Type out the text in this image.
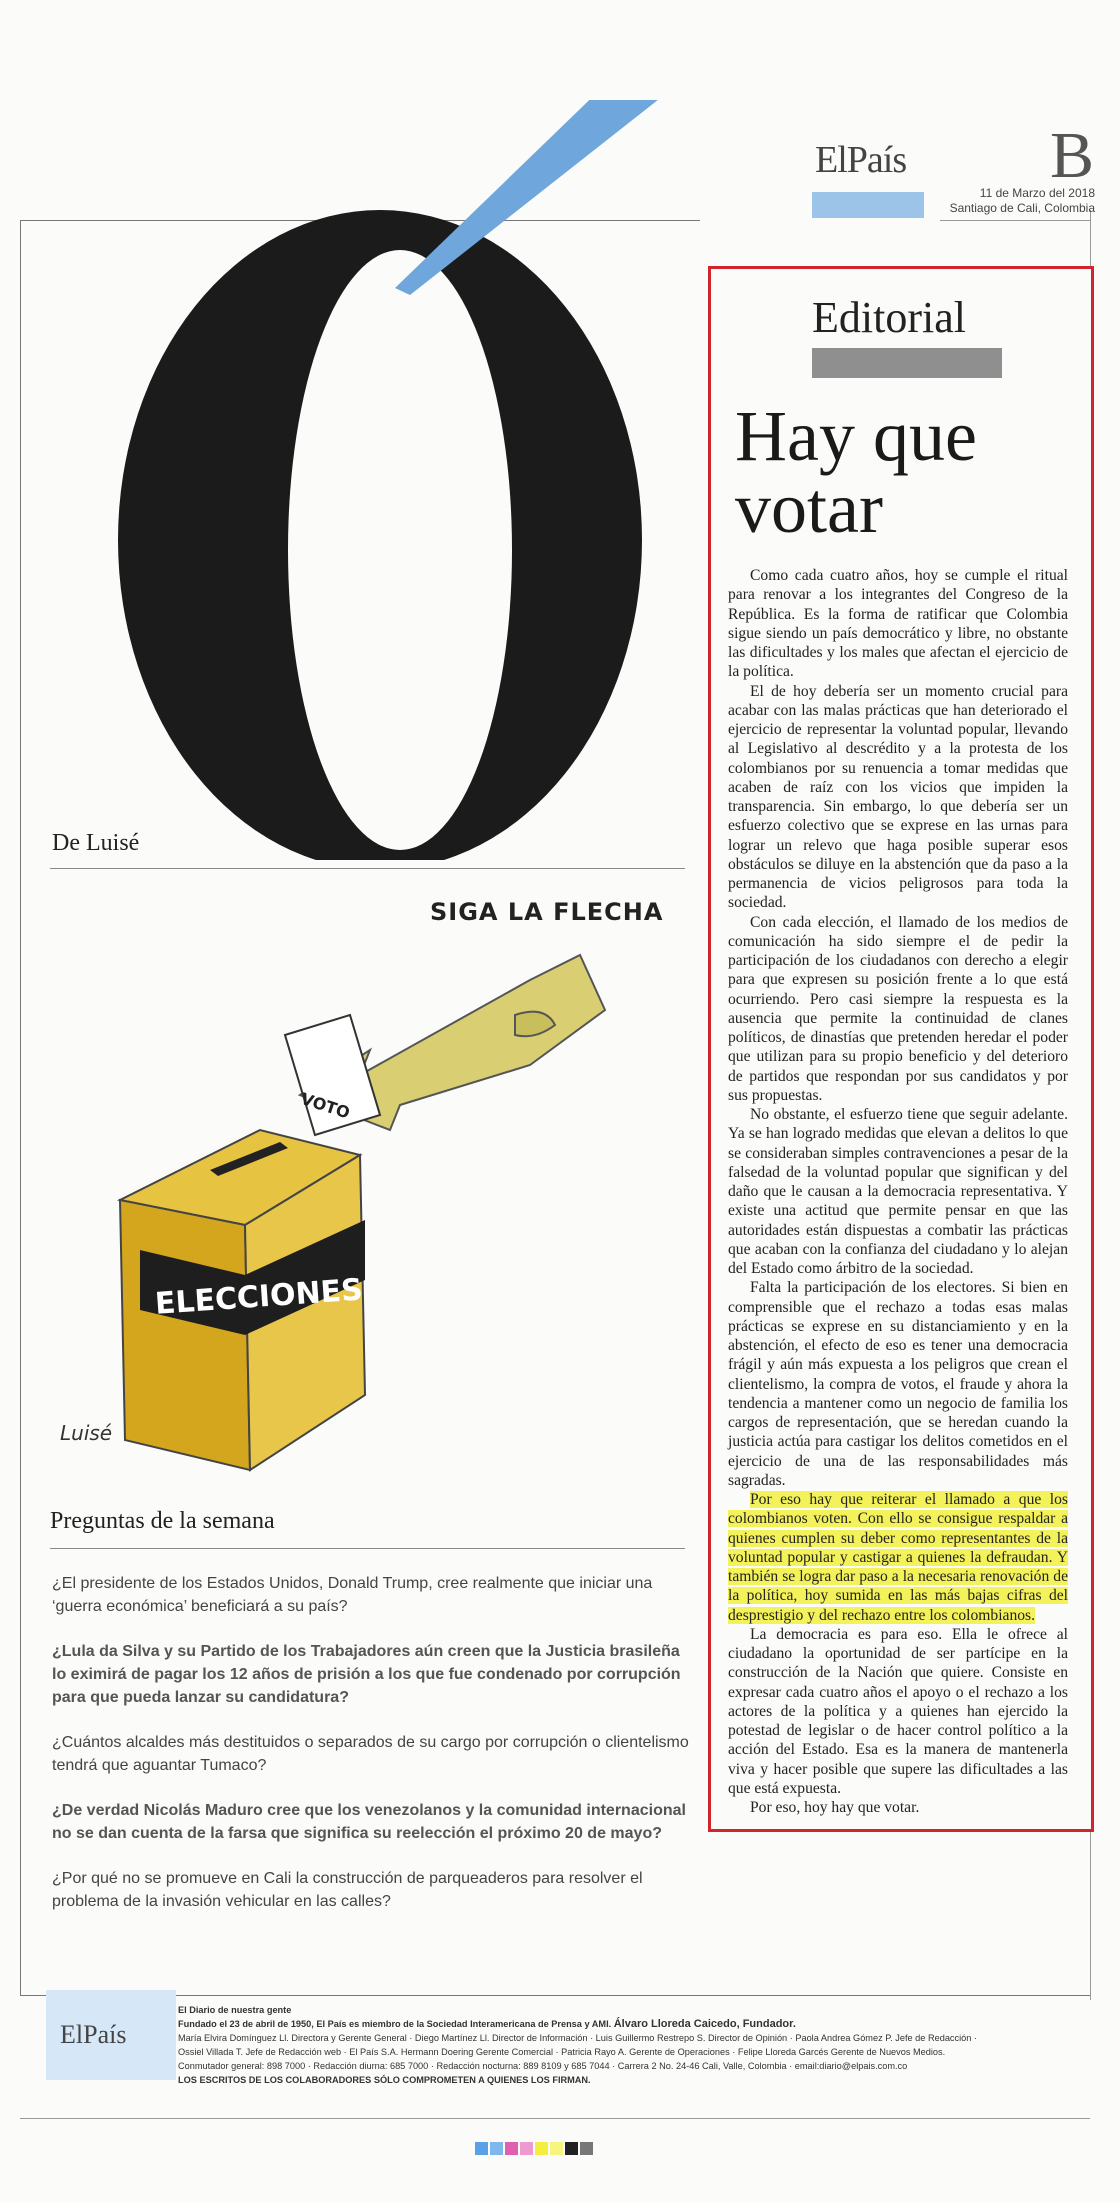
ElPaís B
11 de Marzo del 2018
Santiago de Cali, Colombia
Editorial
Hay que
votar

Como cada cuatro años, hoy se cumple el ritual para renovar a los integrantes del Congreso de la República. Es la forma de ratificar que Colombia sigue siendo un país democrático y libre, no obstante las dificultades y los males que afectan el ejercicio de la política.

El de hoy debería ser un momento crucial para acabar con las malas prácticas que han deteriorado el ejercicio de representar la voluntad popular, llevando al Legislativo al descrédito y a la protesta de los colombianos por su renuencia a tomar medidas que acaben de raíz con los vicios que impiden la transparencia. Sin embargo, lo que debería ser un esfuerzo colectivo que se exprese en las urnas para lograr un relevo que haga posible superar esos obstáculos se diluye en la abstención que da paso a la permanencia de vicios peligrosos para toda la sociedad.

Con cada elección, el llamado de los medios de comunicación ha sido siempre el de pedir la participación de los ciudadanos con derecho a elegir para que expresen su posición frente a lo que está ocurriendo. Pero casi siempre la respuesta es la ausencia que permite la continuidad de clanes políticos, de dinastías que pretenden heredar el poder que utilizan para su propio beneficio y del deterioro de partidos que respondan por sus candidatos y por sus propuestas.

No obstante, el esfuerzo tiene que seguir adelante. Ya se han logrado medidas que elevan a delitos lo que se consideraban simples contravenciones a pesar de la falsedad de la voluntad popular que significan y del daño que le causan a la democracia representativa. Y existe una actitud que permite pensar en que las autoridades están dispuestas a combatir las prácticas que acaban con la confianza del ciudadano y lo alejan del Estado como árbitro de la sociedad.

Falta la participación de los electores. Si bien en comprensible que el rechazo a todas esas malas prácticas se exprese en su distanciamiento y en la abstención, el efecto de eso es tener una democracia frágil y aún más expuesta a los peligros que crean el clientelismo, la compra de votos, el fraude y ahora la tendencia a mantener como un negocio de familia los cargos de representación, que se heredan cuando la justicia actúa para castigar los delitos cometidos en el ejercicio de una de las responsabilidades más sagradas.

Por eso hay que reiterar el llamado a que los colombianos voten. Con ello se consigue respaldar a quienes cumplen su deber como representantes de la voluntad popular y castigar a quienes la defraudan. Y también se logra dar paso a la necesaria renovación de la política, hoy sumida en las más bajas cifras del desprestigio y del rechazo entre los colombianos.

La democracia es para eso. Ella le ofrece al ciudadano la oportunidad de ser partícipe en la construcción de la Nación que quiere. Consiste en expresar cada cuatro años el apoyo o el rechazo a los actores de la política y a quienes han ejercido la potestad de legislar o de hacer control político a la acción del Estado. Esa es la manera de mantenerla viva y hacer posible que supere las dificultades a las que está expuesta.

Por eso, hoy hay que votar.

De Luisé
SIGA LA FLECHA
VOTO
ELECCIONES
Luisé
Preguntas de la semana

¿El presidente de los Estados Unidos, Donald Trump, cree realmente que iniciar una ‘guerra económica’ beneficiará a su país?

¿Lula da Silva y su Partido de los Trabajadores aún creen que la Justicia brasileña lo eximirá de pagar los 12 años de prisión a los que fue condenado por corrupción para que pueda lanzar su candidatura?

¿Cuántos alcaldes más destituidos o separados de su cargo por corrupción o clientelismo tendrá que aguantar Tumaco?

¿De verdad Nicolás Maduro cree que los venezolanos y la comunidad internacional no se dan cuenta de la farsa que significa su reelección el próximo 20 de mayo?

¿Por qué no se promueve en Cali la construcción de parqueaderos para resolver el problema de la invasión vehicular en las calles?

ElPaís
El Diario de nuestra gente
Fundado el 23 de abril de 1950, El País es miembro de la Sociedad Interamericana de Prensa y AMI. Álvaro Lloreda Caicedo, Fundador.
María Elvira Domínguez Ll. Directora y Gerente General · Diego Martínez Ll. Director de Información · Luis Guillermo Restrepo S. Director de Opinión · Paola Andrea Gómez P. Jefe de Redacción ·
Ossiel Villada T. Jefe de Redacción web · El País S.A. Hermann Doering Gerente Comercial · Patricia Rayo A. Gerente de Operaciones · Felipe Lloreda Garcés Gerente de Nuevos Medios.
Conmutador general: 898 7000 · Redacción diurna: 685 7000 · Redacción nocturna: 889 8109 y 685 7044 · Carrera 2 No. 24-46 Cali, Valle, Colombia · email:diario@elpais.com.co
LOS ESCRITOS DE LOS COLABORADORES SÓLO COMPROMETEN A QUIENES LOS FIRMAN.
